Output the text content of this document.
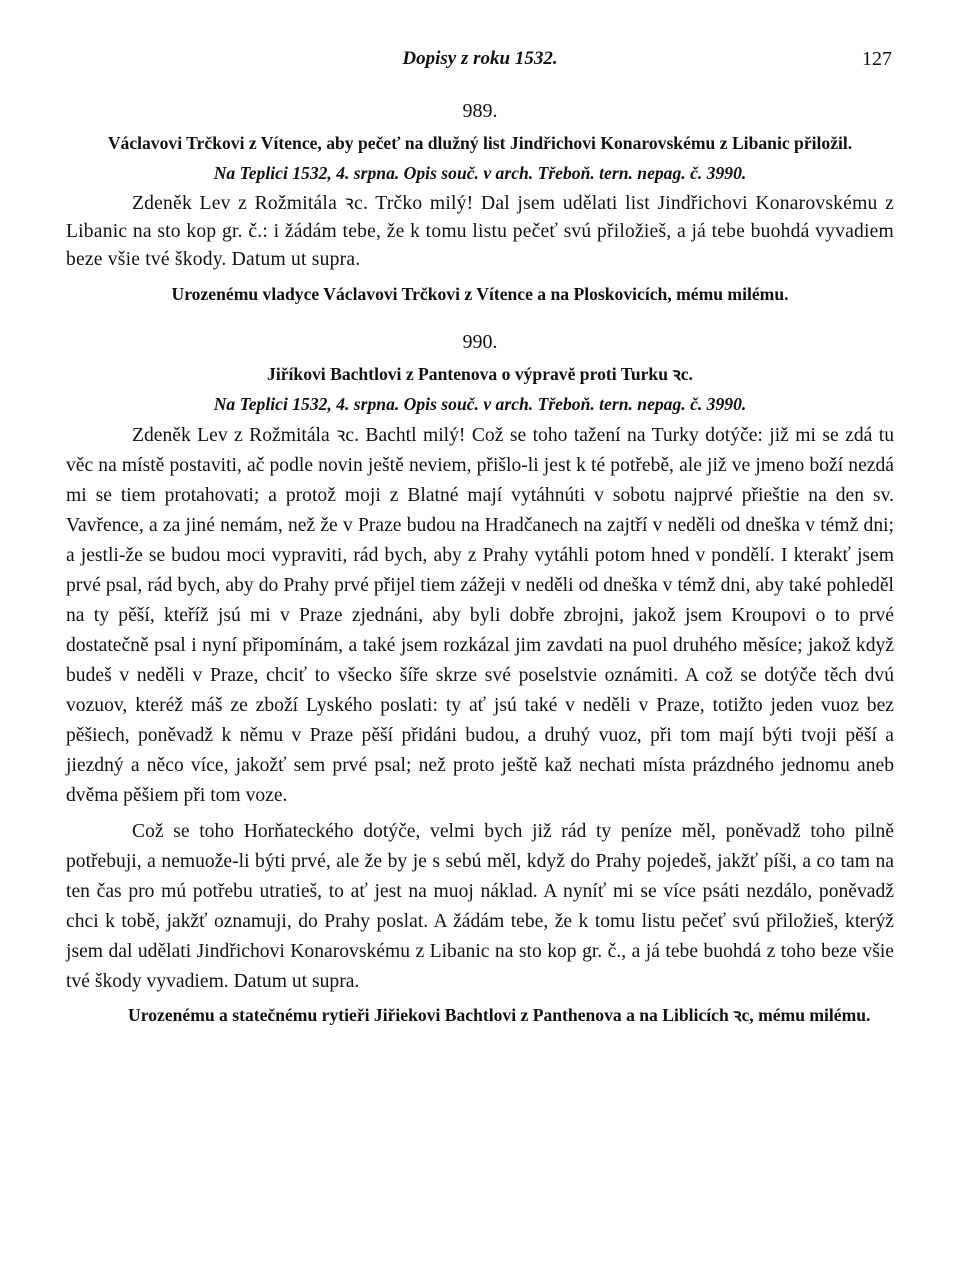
Dopisy z roku 1532.	127

989.

Václavovi Trčkovi z Vítence, aby pečeť na dlužný list Jindřichovi Konarovskému z Libanic přiložil.

Na Teplici 1532, 4. srpna. Opis souč. v arch. Třeboň. tern. nepag. č. 3990.

Zdeněk Lev z Rožmitála ꝛc. Trčko milý! Dal jsem udělati list Jindřichovi Konarovskému z Libanic na sto kop gr. č.: i žádám tebe, že k tomu listu pečeť svú přiložieš, a já tebe buohdá vyvadiem beze všie tvé škody. Datum ut supra.

Urozenému vladyce Václavovi Trčkovi z Vítence a na Ploskovicích, mému milému.

990.

Jiříkovi Bachtlovi z Pantenova o výpravě proti Turku ꝛc.

Na Teplici 1532, 4. srpna. Opis souč. v arch. Třeboň. tern. nepag. č. 3990.

Zdeněk Lev z Rožmitála ꝛc. Bachtl milý! Což se toho tažení na Turky dotýče: již mi se zdá tu věc na místě postaviti, ač podle novin ještě neviem, přišlo-li jest k té potřebě, ale již ve jmeno boží nezdá mi se tiem protahovati; a protož moji z Blatné mají vytáhnúti v sobotu najprvé přieštie na den sv. Vavřence, a za jiné nemám, než že v Praze budou na Hradčanech na zajtří v neděli od dneška v témž dni; a jestli-že se budou moci vypraviti, rád bych, aby z Prahy vytáhli potom hned v pondělí. I kterakť jsem prvé psal, rád bych, aby do Prahy prvé přijel tiem zážeji v neděli od dneška v témž dni, aby také pohleděl na ty pěší, kteříž jsú mi v Praze zjednáni, aby byli dobře zbrojni, jakož jsem Kroupovi o to prvé dostatečně psal i nyní připomínám, a také jsem rozkázal jim zavdati na puol druhého měsíce; jakož když budeš v neděli v Praze, chciť to všecko šíře skrze své poselstvie oznámiti. A což se dotýče těch dvú vozuov, kteréž máš ze zboží Lyského poslati: ty ať jsú také v neděli v Praze, totižto jeden vuoz bez pěšiech, poněvadž k němu v Praze pěší přidáni budou, a druhý vuoz, při tom mají býti tvoji pěší a jiezdný a něco více, jakožť sem prvé psal; než proto ještě kaž nechati místa prázdného jednomu aneb dvěma pěšiem při tom voze.

Což se toho Horňateckého dotýče, velmi bych již rád ty peníze měl, poněvadž toho pilně potřebuji, a nemuože-li býti prvé, ale že by je s sebú měl, když do Prahy pojedeš, jakžť píši, a co tam na ten čas pro mú potřebu utratieš, to ať jest na muoj náklad. A nyníť mi se více psáti nezdálo, poněvadž chci k tobě, jakžť oznamuji, do Prahy poslat. A žádám tebe, že k tomu listu pečeť svú přiložieš, kterýž jsem dal udělati Jindřichovi Konarovskému z Libanic na sto kop gr. č., a já tebe buohdá z toho beze všie tvé škody vyvadiem. Datum ut supra.

Urozenému a statečnému rytieři Jiřiekovi Bachtlovi z Panthenova a na Liblicích ꝛc, mému milému.
